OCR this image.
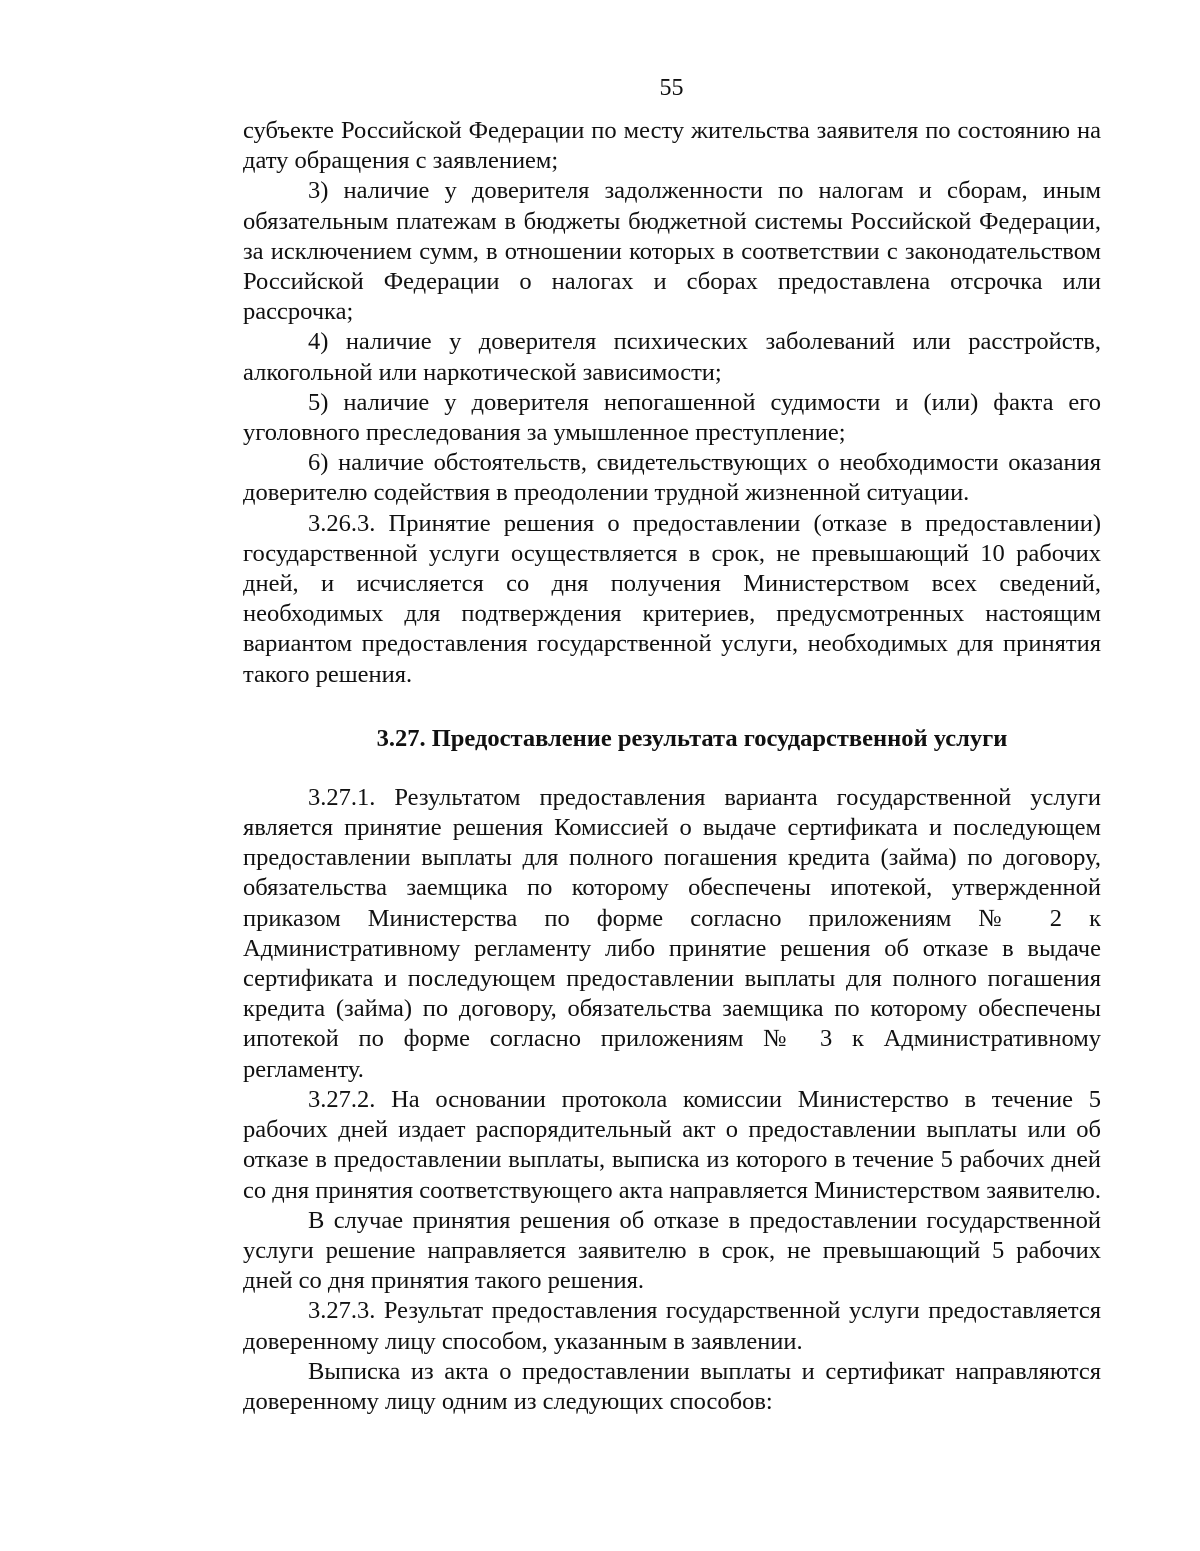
55

субъекте Российской Федерации по месту жительства заявителя по состоянию на дату обращения с заявлением;

3) наличие у доверителя задолженности по налогам и сборам, иным обязательным платежам в бюджеты бюджетной системы Российской Федерации, за исключением сумм, в отношении которых в соответствии с законодательством Российской Федерации о налогах и сборах предоставлена отсрочка или рассрочка;

4) наличие у доверителя психических заболеваний или расстройств, алкогольной или наркотической зависимости;

5) наличие у доверителя непогашенной судимости и (или) факта его уголовного преследования за умышленное преступление;

6) наличие обстоятельств, свидетельствующих о необходимости оказания доверителю содействия в преодолении трудной жизненной ситуации.

3.26.3. Принятие решения о предоставлении (отказе в предоставлении) государственной услуги осуществляется в срок, не превышающий 10 рабочих дней, и исчисляется со дня получения Министерством всех сведений, необходимых для подтверждения критериев, предусмотренных настоящим вариантом предоставления государственной услуги, необходимых для принятия такого решения.

3.27. Предоставление результата государственной услуги

3.27.1. Результатом предоставления варианта государственной услуги является принятие решения Комиссией о выдаче сертификата и последующем предоставлении выплаты для полного погашения кредита (займа) по договору, обязательства заемщика по которому обеспечены ипотекой, утвержденной приказом Министерства по форме согласно приложениям № 2 к Административному регламенту либо принятие решения об отказе в выдаче сертификата и последующем предоставлении выплаты для полного погашения кредита (займа) по договору, обязательства заемщика по которому обеспечены ипотекой по форме согласно приложениям № 3 к Административному регламенту.

3.27.2. На основании протокола комиссии Министерство в течение 5 рабочих дней издает распорядительный акт о предоставлении выплаты или об отказе в предоставлении выплаты, выписка из которого в течение 5 рабочих дней со дня принятия соответствующего акта направляется Министерством заявителю.

В случае принятия решения об отказе в предоставлении государственной услуги решение направляется заявителю в срок, не превышающий 5 рабочих дней со дня принятия такого решения.

3.27.3. Результат предоставления государственной услуги предоставляется доверенному лицу способом, указанным в заявлении.

Выписка из акта о предоставлении выплаты и сертификат направляются доверенному лицу одним из следующих способов:
